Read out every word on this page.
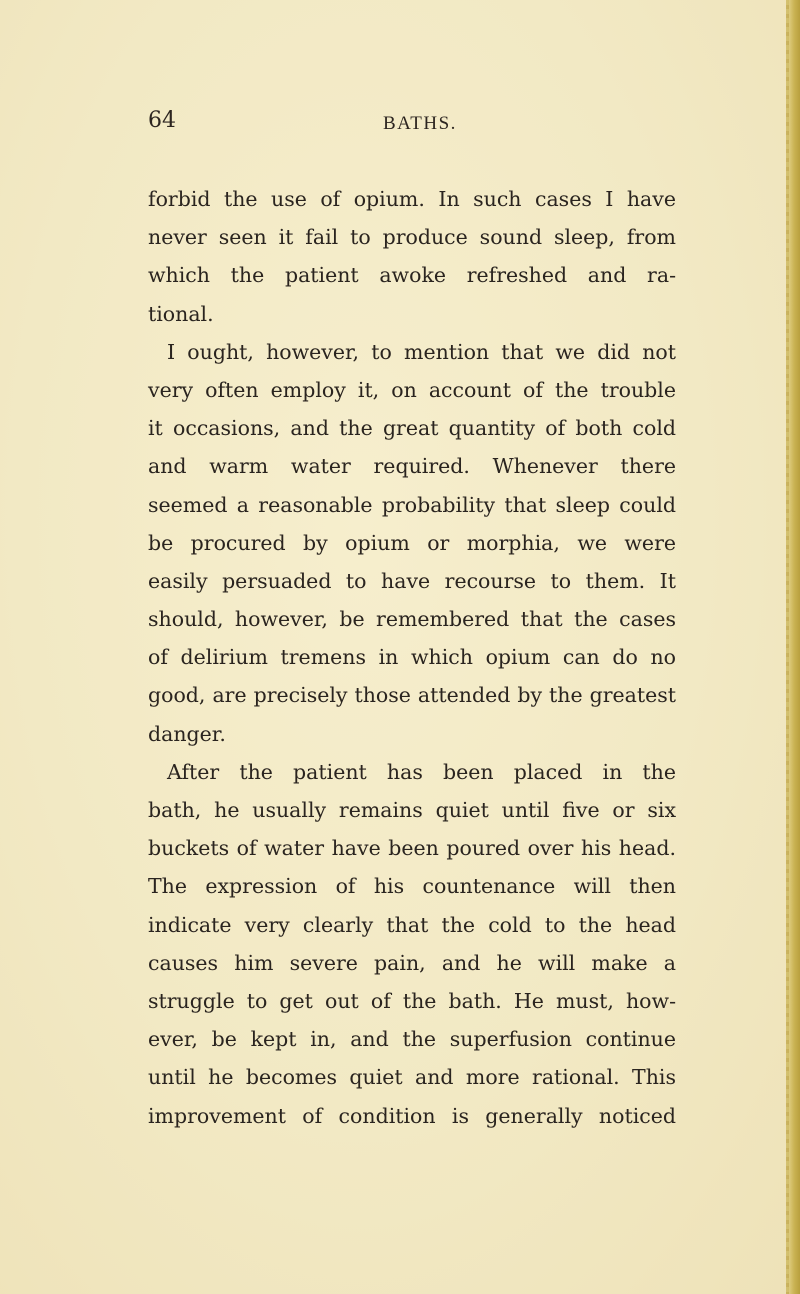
64	BATHS.
forbid the use of opium. In such cases I have
never seen it fail to produce sound sleep, from
which the patient awoke refreshed and ra-
tional.
I ought, however, to mention that we did not
very often employ it, on account of the trouble
it occasions, and the great quantity of both cold
and warm water required. Whenever there
seemed a reasonable probability that sleep could
be procured by opium or morphia, we were
easily persuaded to have recourse to them. It
should, however, be remembered that the cases
of delirium tremens in which opium can do no
good, are precisely those attended by the greatest
danger.
After the patient has been placed in the
bath, he usually remains quiet until five or six
buckets of water have been poured over his head.
The expression of his countenance will then
indicate very clearly that the cold to the head
causes him severe pain, and he will make a
struggle to get out of the bath. He must, how-
ever, be kept in, and the superfusion continue
until he becomes quiet and more rational. This
improvement of condition is generally noticed
